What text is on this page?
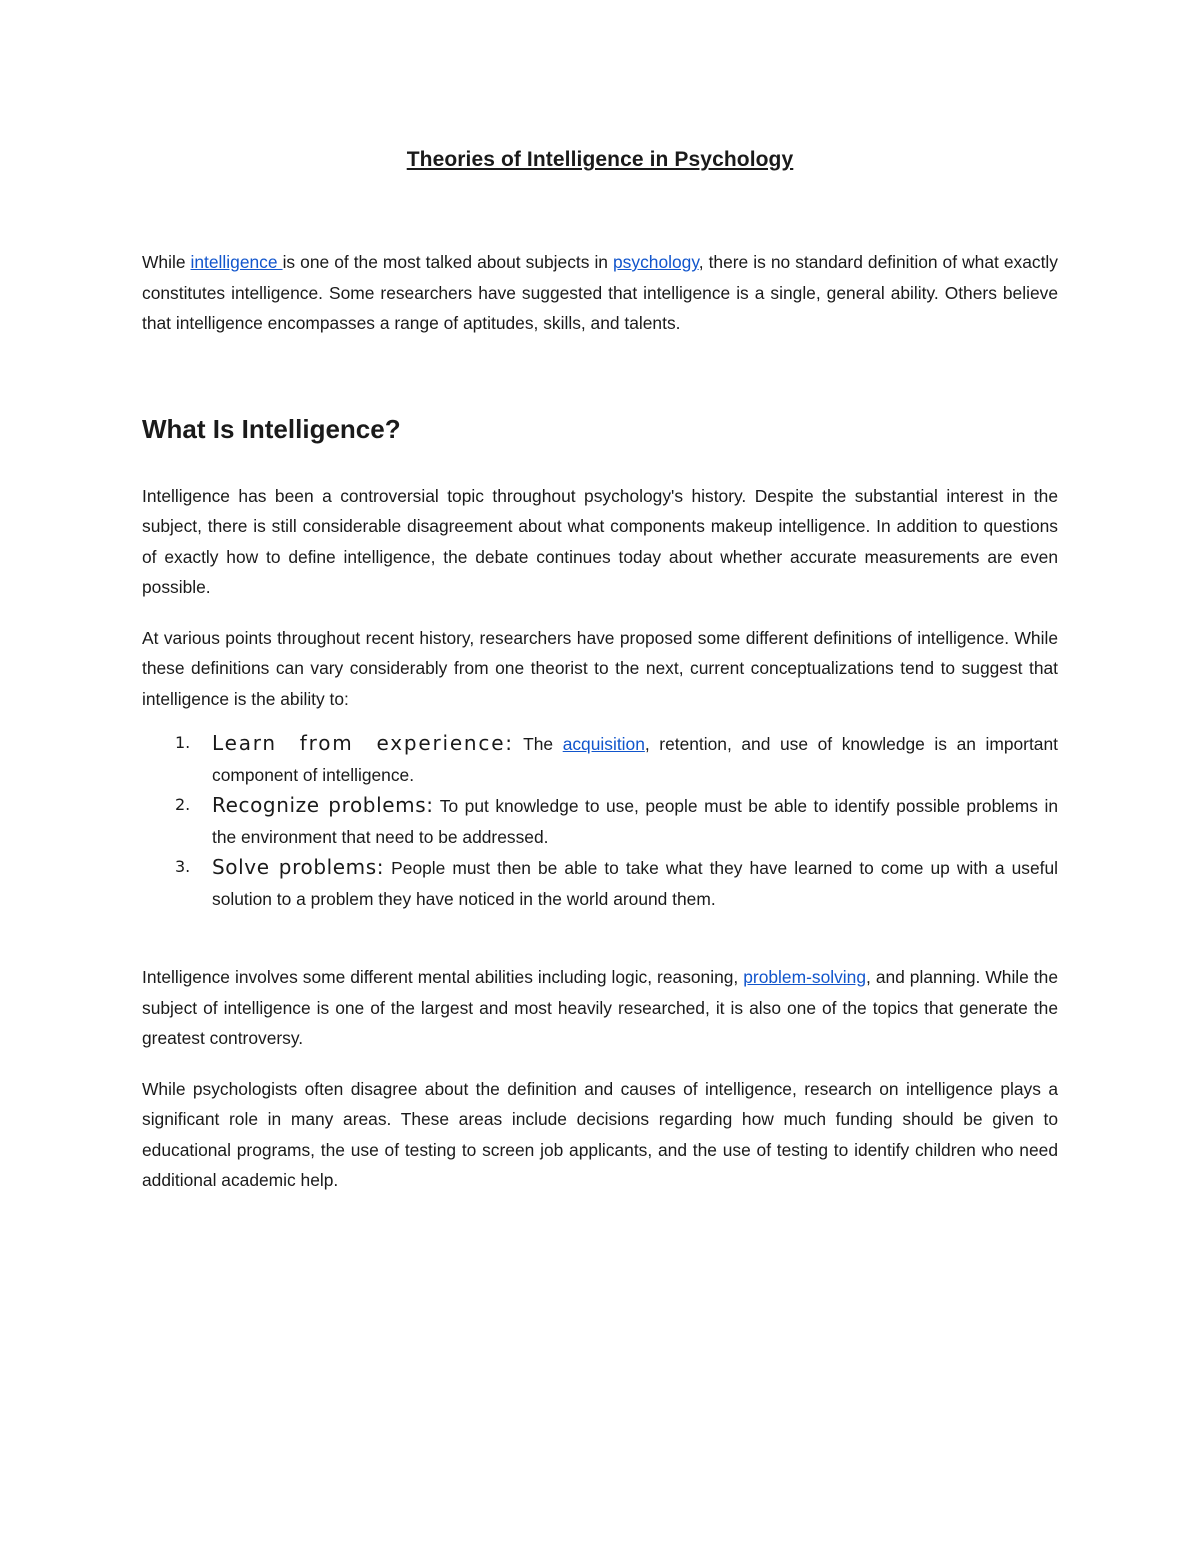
Theories of Intelligence in Psychology

While intelligence is one of the most talked about subjects in psychology, there is no standard definition of what exactly constitutes intelligence. Some researchers have suggested that intelligence is a single, general ability. Others believe that intelligence encompasses a range of aptitudes, skills, and talents.

What Is Intelligence?

Intelligence has been a controversial topic throughout psychology's history. Despite the substantial interest in the subject, there is still considerable disagreement about what components makeup intelligence. In addition to questions of exactly how to define intelligence, the debate continues today about whether accurate measurements are even possible.

At various points throughout recent history, researchers have proposed some different definitions of intelligence. While these definitions can vary considerably from one theorist to the next, current conceptualizations tend to suggest that intelligence is the ability to:

1. Learn from experience: The acquisition, retention, and use of knowledge is an important component of intelligence.
2. Recognize problems: To put knowledge to use, people must be able to identify possible problems in the environment that need to be addressed.
3. Solve problems: People must then be able to take what they have learned to come up with a useful solution to a problem they have noticed in the world around them.

Intelligence involves some different mental abilities including logic, reasoning, problem-solving, and planning. While the subject of intelligence is one of the largest and most heavily researched, it is also one of the topics that generate the greatest controversy.

While psychologists often disagree about the definition and causes of intelligence, research on intelligence plays a significant role in many areas. These areas include decisions regarding how much funding should be given to educational programs, the use of testing to screen job applicants, and the use of testing to identify children who need additional academic help.
